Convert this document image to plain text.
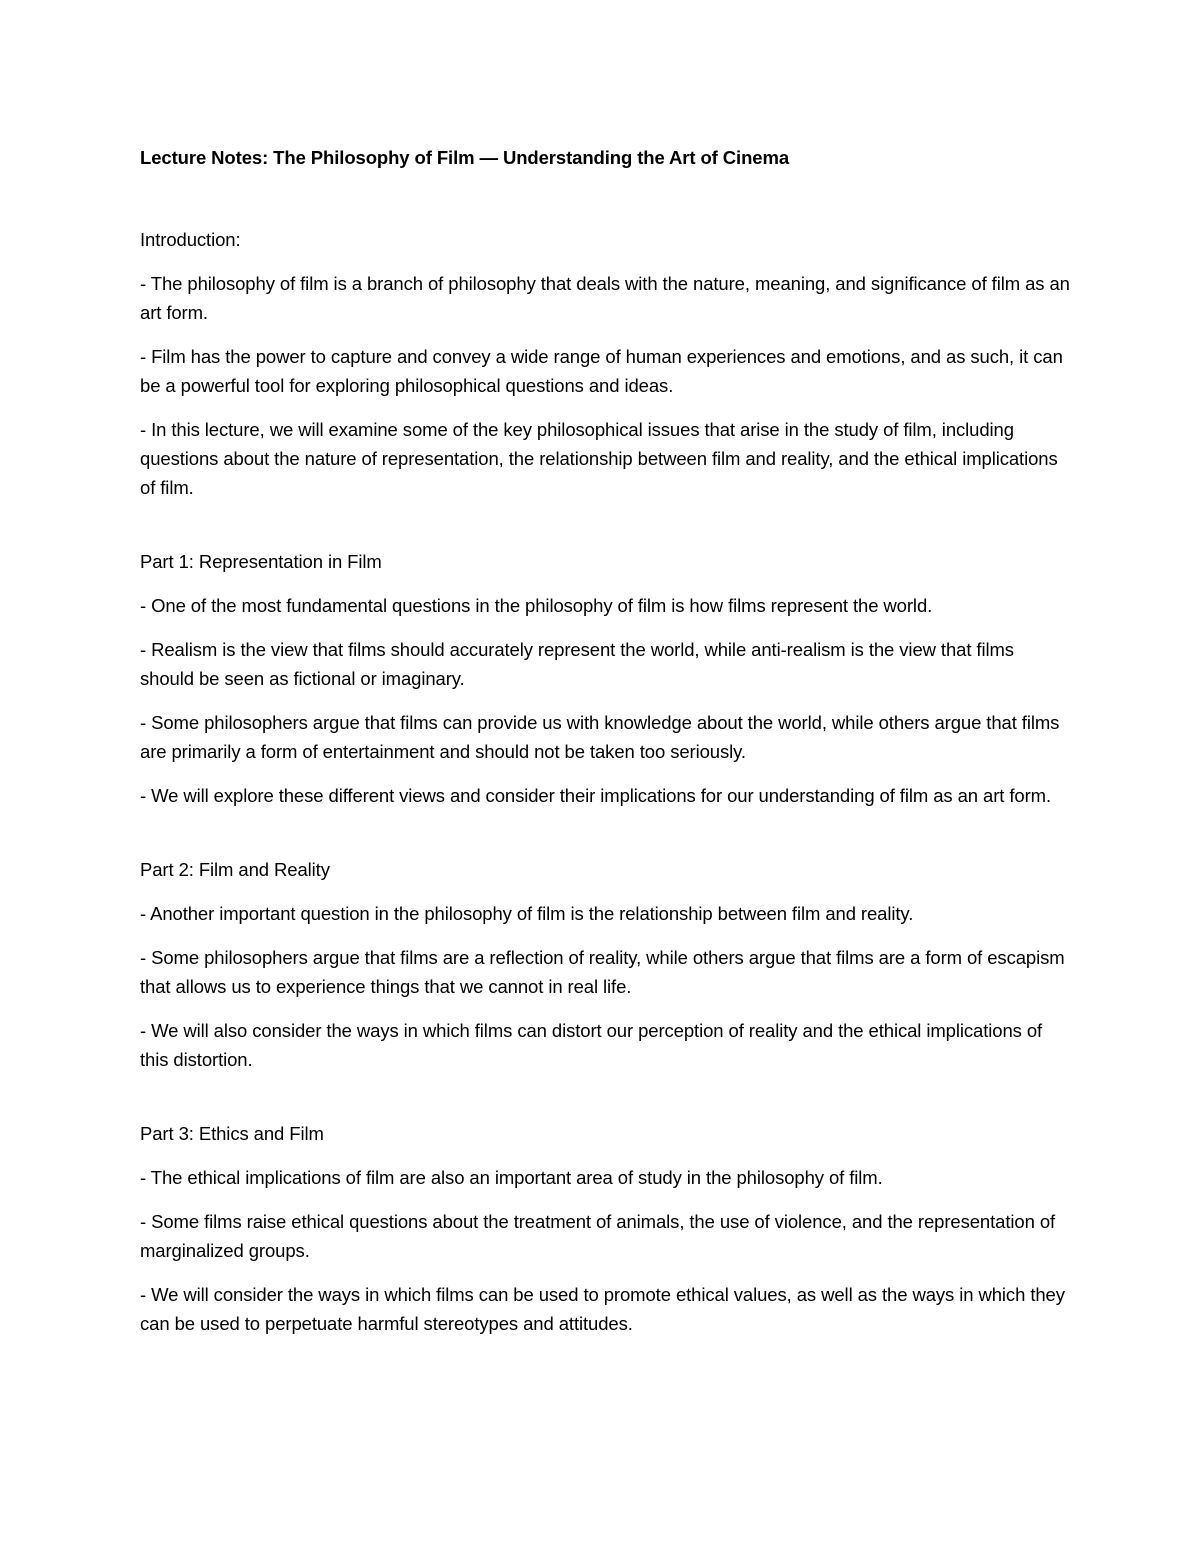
Lecture Notes: The Philosophy of Film — Understanding the Art of Cinema
Introduction:
- The philosophy of film is a branch of philosophy that deals with the nature, meaning, and significance of film as an art form.
- Film has the power to capture and convey a wide range of human experiences and emotions, and as such, it can be a powerful tool for exploring philosophical questions and ideas.
- In this lecture, we will examine some of the key philosophical issues that arise in the study of film, including questions about the nature of representation, the relationship between film and reality, and the ethical implications of film.
Part 1: Representation in Film
- One of the most fundamental questions in the philosophy of film is how films represent the world.
- Realism is the view that films should accurately represent the world, while anti-realism is the view that films should be seen as fictional or imaginary.
- Some philosophers argue that films can provide us with knowledge about the world, while others argue that films are primarily a form of entertainment and should not be taken too seriously.
- We will explore these different views and consider their implications for our understanding of film as an art form.
Part 2: Film and Reality
- Another important question in the philosophy of film is the relationship between film and reality.
- Some philosophers argue that films are a reflection of reality, while others argue that films are a form of escapism that allows us to experience things that we cannot in real life.
- We will also consider the ways in which films can distort our perception of reality and the ethical implications of this distortion.
Part 3: Ethics and Film
- The ethical implications of film are also an important area of study in the philosophy of film.
- Some films raise ethical questions about the treatment of animals, the use of violence, and the representation of marginalized groups.
- We will consider the ways in which films can be used to promote ethical values, as well as the ways in which they can be used to perpetuate harmful stereotypes and attitudes.
